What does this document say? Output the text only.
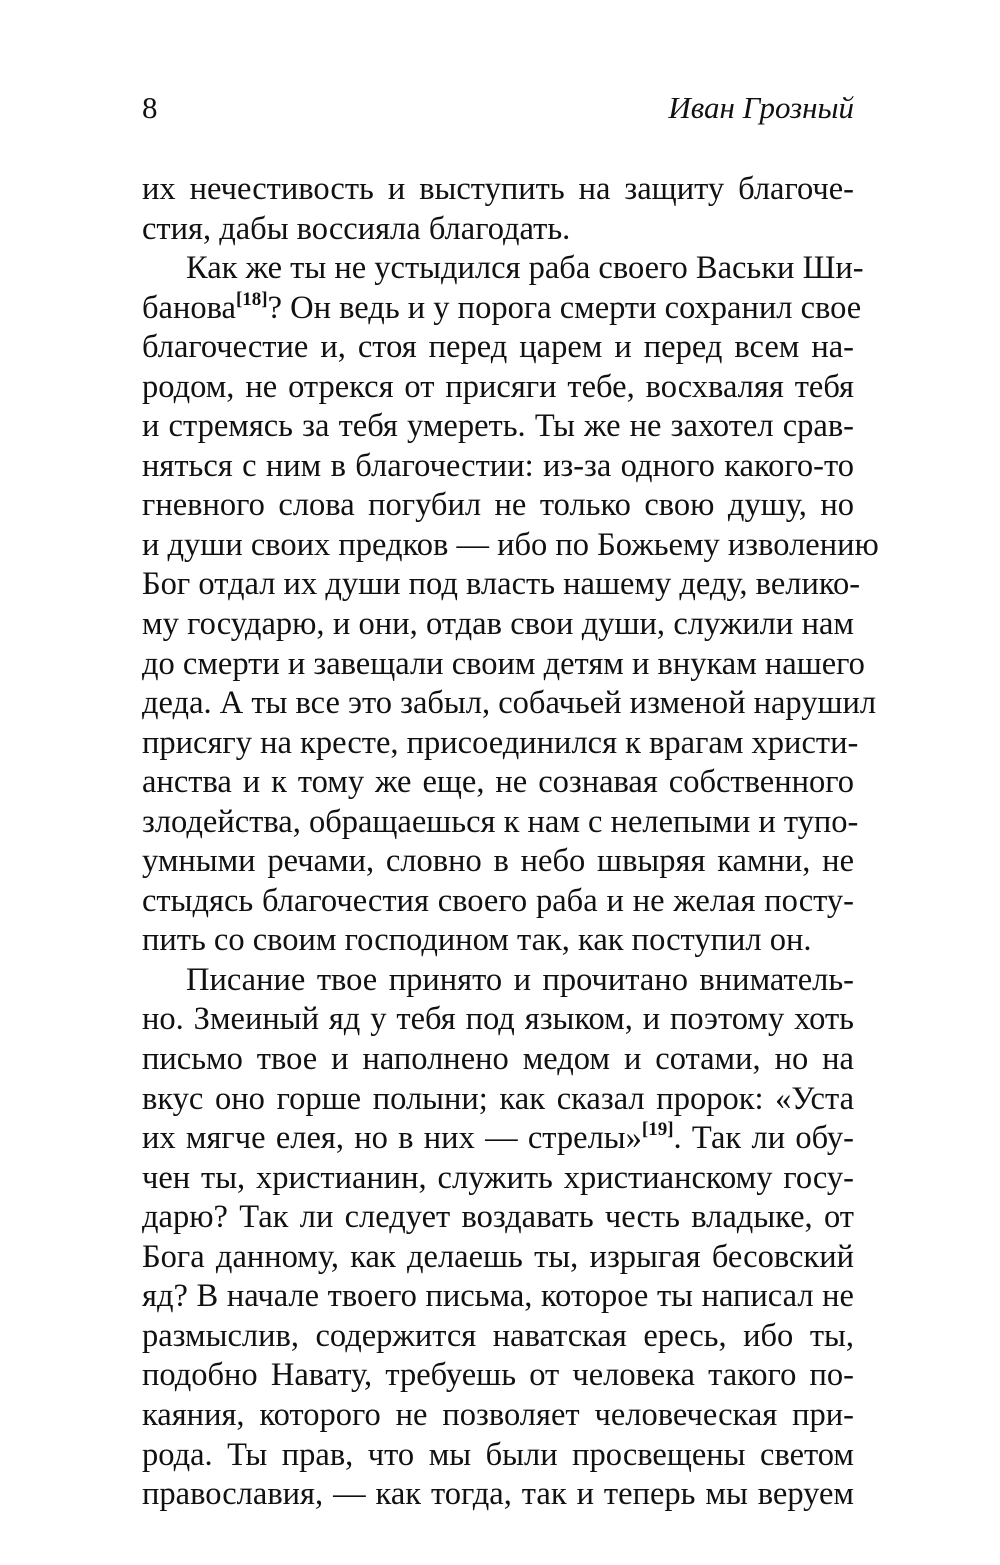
8	Иван Грозный
их нечестивость и выступить на защиту благоче-
стия, дабы воссияла благодать.
Как же ты не устыдился раба своего Васьки Ши-
банова[18]? Он ведь и у порога смерти сохранил свое
благочестие и, стоя перед царем и перед всем на-
родом, не отрекся от присяги тебе, восхваляя тебя
и стремясь за тебя умереть. Ты же не захотел срав-
няться с ним в благочестии: из-за одного какого-то
гневного слова погубил не только свою душу, но
и души своих предков — ибо по Божьему изволению
Бог отдал их души под власть нашему деду, велико-
му государю, и они, отдав свои души, служили нам
до смерти и завещали своим детям и внукам нашего
деда. А ты все это забыл, собачьей изменой нарушил
присягу на кресте, присоединился к врагам христи-
анства и к тому же еще, не сознавая собственного
злодейства, обращаешься к нам с нелепыми и тупо-
умными речами, словно в небо швыряя камни, не
стыдясь благочестия своего раба и не желая посту-
пить со своим господином так, как поступил он.
Писание твое принято и прочитано вниматель-
но. Змеиный яд у тебя под языком, и поэтому хоть
письмо твое и наполнено медом и сотами, но на
вкус оно горше полыни; как сказал пророк: «Уста
их мягче елея, но в них — стрелы»[19]. Так ли обу-
чен ты, христианин, служить христианскому госу-
дарю? Так ли следует воздавать честь владыке, от
Бога данному, как делаешь ты, изрыгая бесовский
яд? В начале твоего письма, которое ты написал не
размыслив, содержится наватская ересь, ибо ты,
подобно Навату, требуешь от человека такого по-
каяния, которого не позволяет человеческая при-
рода. Ты прав, что мы были просвещены светом
православия, — как тогда, так и теперь мы веруем
